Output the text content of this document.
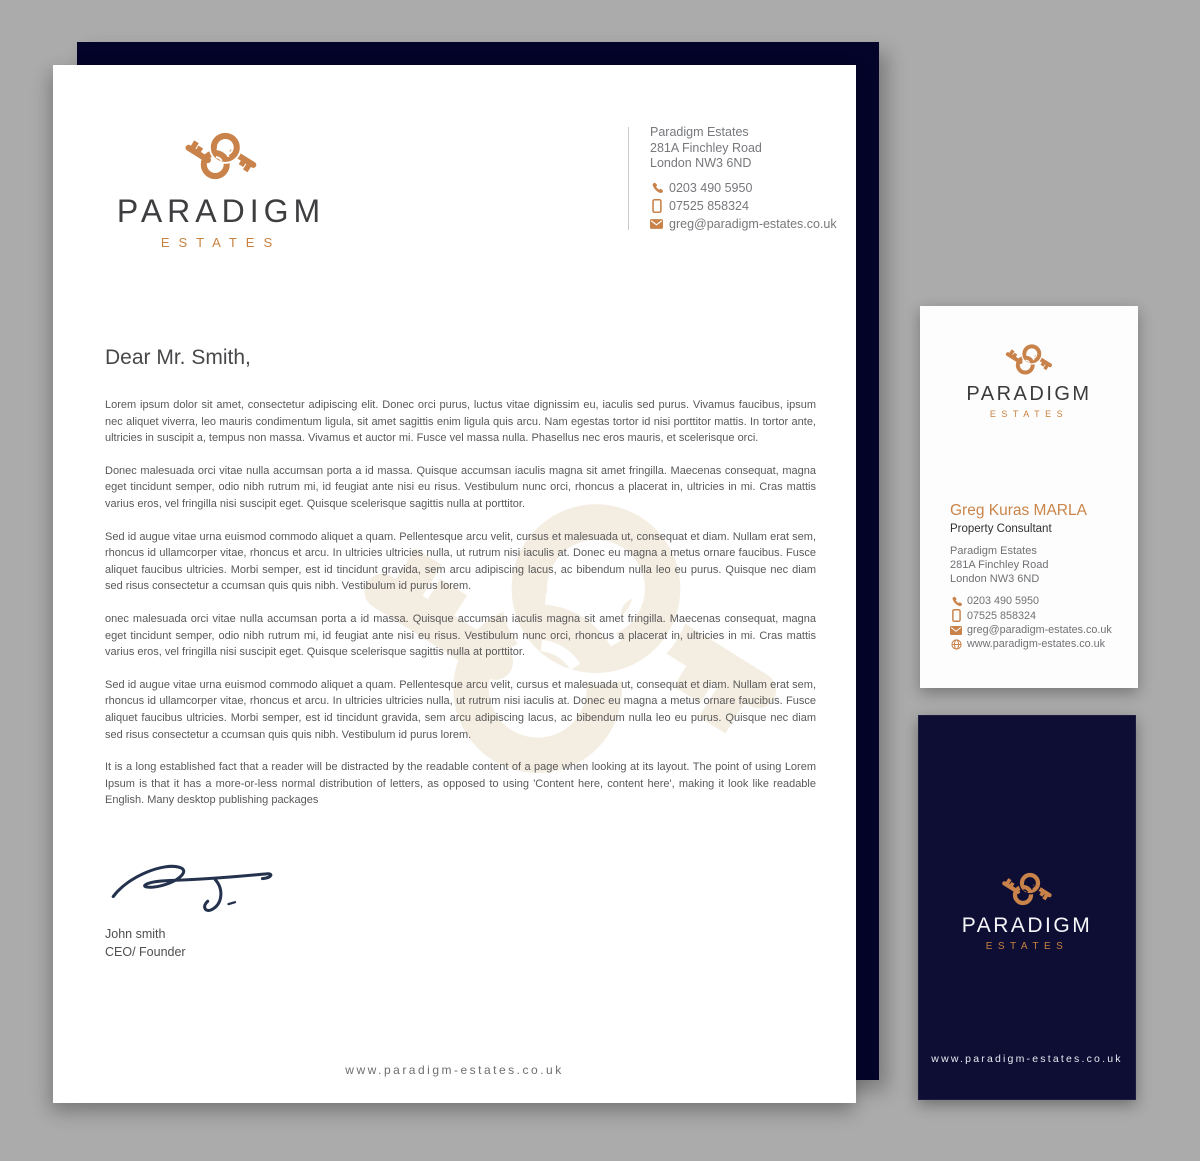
PARADIGM
ESTATES
Paradigm Estates
281A Finchley Road
London NW3 6ND
0203 490 5950
07525 858324
greg@paradigm-estates.co.uk
Dear Mr. Smith,

Lorem ipsum dolor sit amet, consectetur adipiscing elit. Donec orci purus, luctus vitae dignissim eu, iaculis sed purus. Vivamus faucibus, ipsum nec aliquet viverra, leo mauris condimentum ligula, sit amet sagittis enim ligula quis arcu. Nam egestas tortor id nisi porttitor mattis. In tortor ante, ultricies in suscipit a, tempus non massa. Vivamus et auctor mi. Fusce vel massa nulla. Phasellus nec eros mauris, et scelerisque orci.

Donec malesuada orci vitae nulla accumsan porta a id massa. Quisque accumsan iaculis magna sit amet fringilla. Maecenas consequat, magna eget tincidunt semper, odio nibh rutrum mi, id feugiat ante nisi eu risus. Vestibulum nunc orci, rhoncus a placerat in, ultricies in mi. Cras mattis varius eros, vel fringilla nisi suscipit eget. Quisque scelerisque sagittis nulla at porttitor.

Sed id augue vitae urna euismod commodo aliquet a quam. Pellentesque arcu velit, cursus et malesuada ut, consequat et diam. Nullam erat sem, rhoncus id ullamcorper vitae, rhoncus et arcu. In ultricies ultricies nulla, ut rutrum nisi iaculis at. Donec eu magna a metus ornare faucibus. Fusce aliquet faucibus ultricies. Morbi semper, est id tincidunt gravida, sem arcu adipiscing lacus, ac bibendum nulla leo eu purus. Quisque nec diam sed risus consectetur a ccumsan quis quis nibh. Vestibulum id purus lorem.

onec malesuada orci vitae nulla accumsan porta a id massa. Quisque accumsan iaculis magna sit amet fringilla. Maecenas consequat, magna eget tincidunt semper, odio nibh rutrum mi, id feugiat ante nisi eu risus. Vestibulum nunc orci, rhoncus a placerat in, ultricies in mi. Cras mattis varius eros, vel fringilla nisi suscipit eget. Quisque scelerisque sagittis nulla at porttitor.

Sed id augue vitae urna euismod commodo aliquet a quam. Pellentesque arcu velit, cursus et malesuada ut, consequat et diam. Nullam erat sem, rhoncus id ullamcorper vitae, rhoncus et arcu. In ultricies ultricies nulla, ut rutrum nisi iaculis at. Donec eu magna a metus ornare faucibus. Fusce aliquet faucibus ultricies. Morbi semper, est id tincidunt gravida, sem arcu adipiscing lacus, ac bibendum nulla leo eu purus. Quisque nec diam sed risus consectetur a ccumsan quis quis nibh. Vestibulum id purus lorem.

It is a long established fact that a reader will be distracted by the readable content of a page when looking at its layout. The point of using Lorem Ipsum is that it has a more-or-less normal distribution of letters, as opposed to using 'Content here, content here', making it look like readable English. Many desktop publishing packages

John smith
CEO/ Founder
www.paradigm-estates.co.uk
PARADIGM
ESTATES
Greg Kuras MARLA
Property Consultant
Paradigm Estates
281A Finchley Road
London NW3 6ND
0203 490 5950
07525 858324
greg@paradigm-estates.co.uk
www.paradigm-estates.co.uk
PARADIGM
ESTATES
www.paradigm-estates.co.uk
